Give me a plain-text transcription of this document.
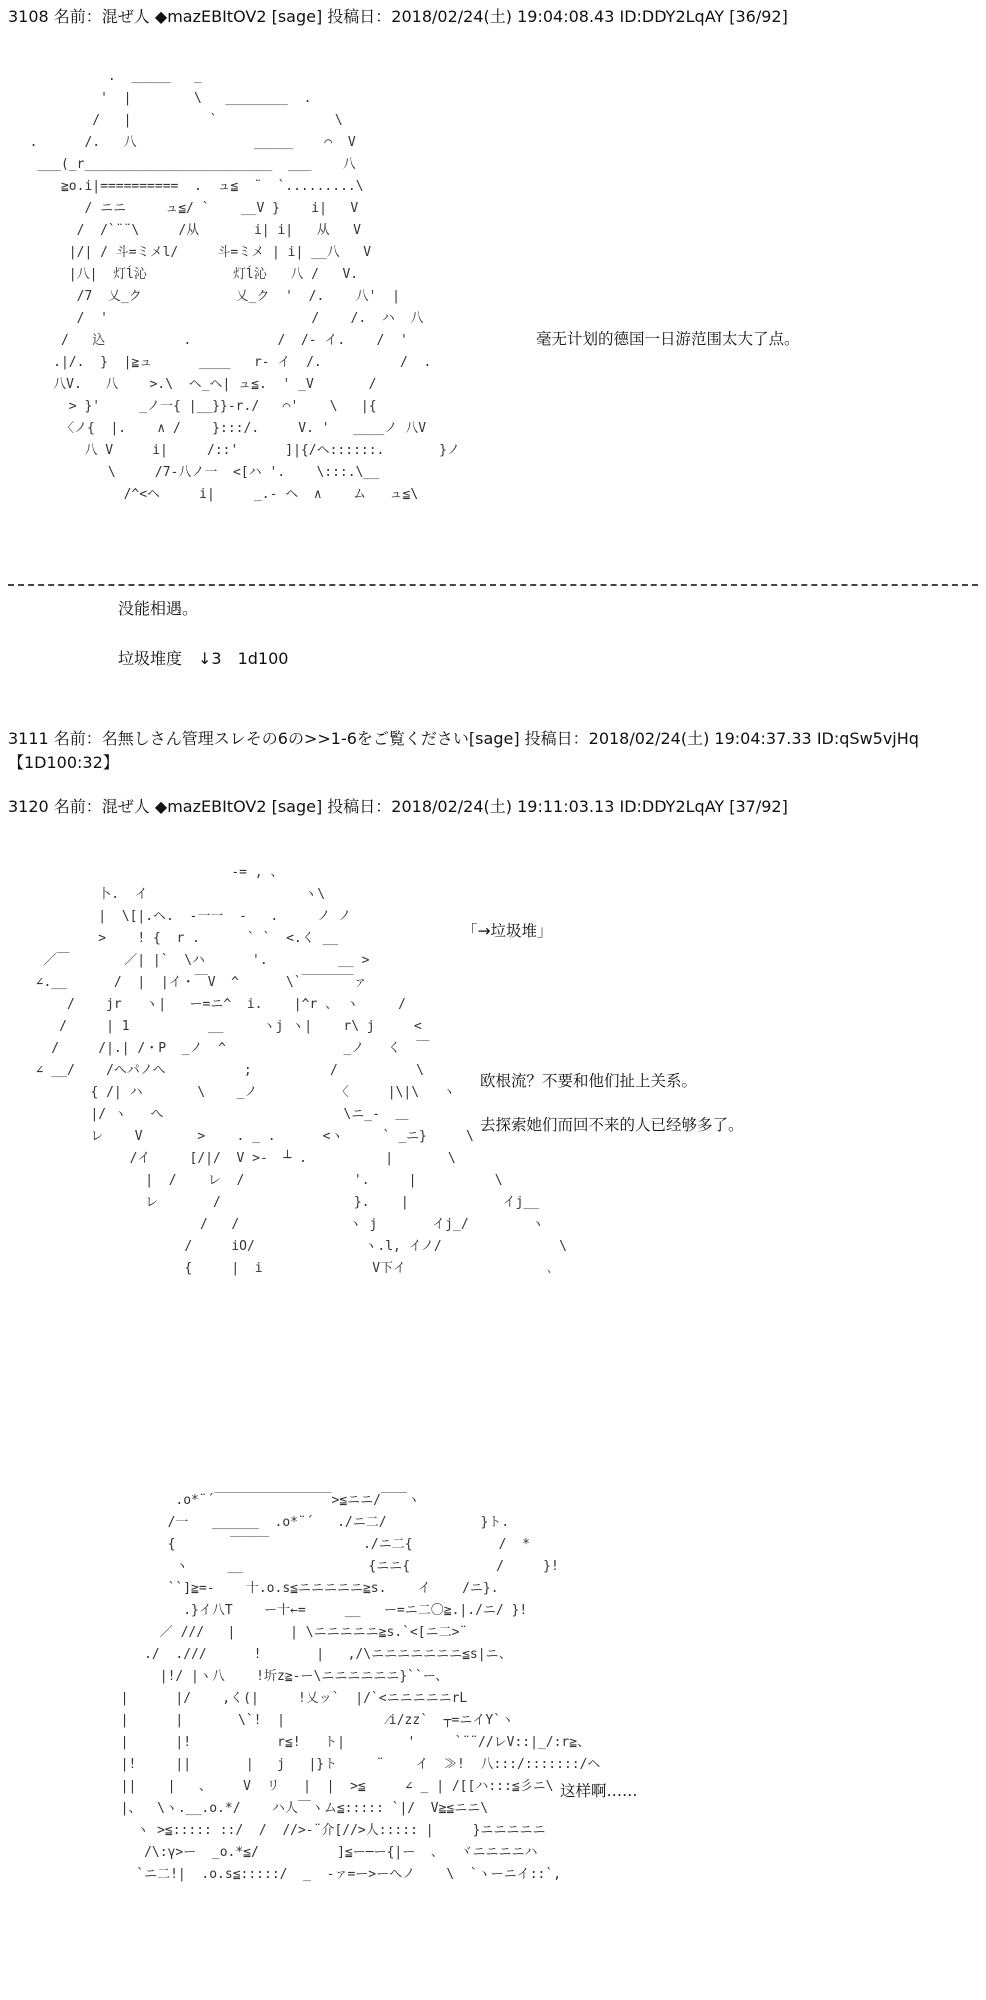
3108 名前：混ぜ人 ◆mazEBItOV2 [sage] 投稿日：2018/02/24(土) 19:04:08.43 ID:DDY2LqAY [36/92]
.  _____   _
'  |        \   ________  .
/   |          `               \
.      /.   八               _____    ⌒  V
___(_r________________________  ___    八
≧o.i|==========  .  ュ≦  ¨  `.........\
/ ニニ     ュ≦/ `    __V }    i|   V
/  /`¨¨\     /从       i| i|   从   V
|/| / 斗=ミメl/     斗=ミメ | i| __八   V
|八|  灯ĺ沁           灯ĺ沁   八 /   V.
/7  乂_ク            乂_ク  '  /.    八'  |
/  '                          /    /.  ハ  八
/   込          .           /  /- イ.    /  '
.|/.  }  |≧ュ      ____   r- イ  /.          /  .
八V.   八    >.\  ヘ_ヘ| ュ≦.  ' _V       /
> }'     _ノ一{ |__}}-r./   ⌒'    \   |{
〈ノ{  |.    ∧ /    }:::/.     V. '   ____ノ 八V
八 V     i|     /::'      ]|{/ヘ::::::.       }ノ
\     /7-八ノ一  <[ハ '.    \:::.\__
/^<ヘ     i|     _.- ヘ  ∧    ム   ュ≦\
毫无计划的德国一日游范围太大了点。
没能相遇。
垃圾堆度　↓3　1d100
3111 名前：名無しさん管理スレその6の>>1-6をご覧ください[sage] 投稿日：2018/02/24(土) 19:04:37.33 ID:qSw5vjHq
【1D100:32】
3120 名前：混ぜ人 ◆mazEBItOV2 [sage] 投稿日：2018/02/24(土) 19:11:03.13 ID:DDY2LqAY [37/92]
-= , 、
卜.  イ                    ヽ\
|  \[|.ヘ.  -一一  -   .     ノ ノ
>    ! {  r .      ` `  <.く __
／￣       ／| |`  \ハ      '.         __ >
∠.__      /  |  |イ・￣V  ^      \`￣￣￣￣ァ
/    jr   ヽ|   ー=ニ^  i.    |^r 、 ヽ     /
/     | 1          __     ヽj ヽ|    r\ j     <
/     /|.| /・P  _ノ  ^               _ノ   く  ￣
∠ __/    /へパノへ          ;          /          \
{ /| ハ       \    _ノ          〈     |\|\   ヽ
|/ ヽ   へ                       \ニ_-  ＿
レ    V       >    . _ .      <ヽ     ` _ニ}     \
/イ     [/|/  V >-  ┴ .          |       \
|  /    レ  /              '.     |          \
レ       /                 }.    |            イj__
/   /              ヽ j       イj_/        ヽ
/     iO/              ヽ.l, イノ/               \
{     |  i              V下イ                  ､
「→垃圾堆」
欧根流？不要和他们扯上关系。
去探索她们而回不来的人已经够多了。
.o*¨´￣￣￣￣￣￣￣￣￣>≦ニニ/￣￣ヽ
/一   ______  .o*¨´   ./ニ二/            }ト.
{       ￣￣￣            ./ニ二{           /  *
ヽ     __                {ニニ{           /     }!
``]≧=-    十.o.s≦ニニニニニ≧s.    イ    /ニ}.
.}イ八T    ー十←=     __   ー=ニ二〇≧.|./ニ/ }!
／ ///   |       | \ニニニニニ≧s.`<[ニ二>¨
./  .///      !       |   ,/\ニニニニニニニ≦s|ニ、
|!/ |ヽ八    !圻z≧-ー\ニニニニニニ}``ー、
|      |/    ,く(|     !乂ッ`  |/`<ニニニニニrL
|      |       \`!  |             ⁄i/zz`  ┬=ニイY`ヽ
|      |!           r≦!   ト|        '     `¨¨//レV::|_/:r≧、
|!     ||       |   j   |}ト     ¨    イ  ≫!  八:::/:::::::/ヘ
||    |   、    V  リ   |  |  >≦     ∠ _ | /[[ハ:::≦彡ニ\
|、  \ヽ.__.o.*/    ハ人￣ヽム≦::::: `|/  V≧≦ニニ\
ヽ >≦::::: ::/  /  //>-¨介[//>人::::: |     }ニニニニニ
/\:γ>ー  _o.*≦/          ]≦ー─ー{|ー  、  ヾニニニニハ
`ニ二!|  .o.s≦:::::/  _  -ァ=ー>ーへノ    \  `ヽーニイ::`,
这样啊……
